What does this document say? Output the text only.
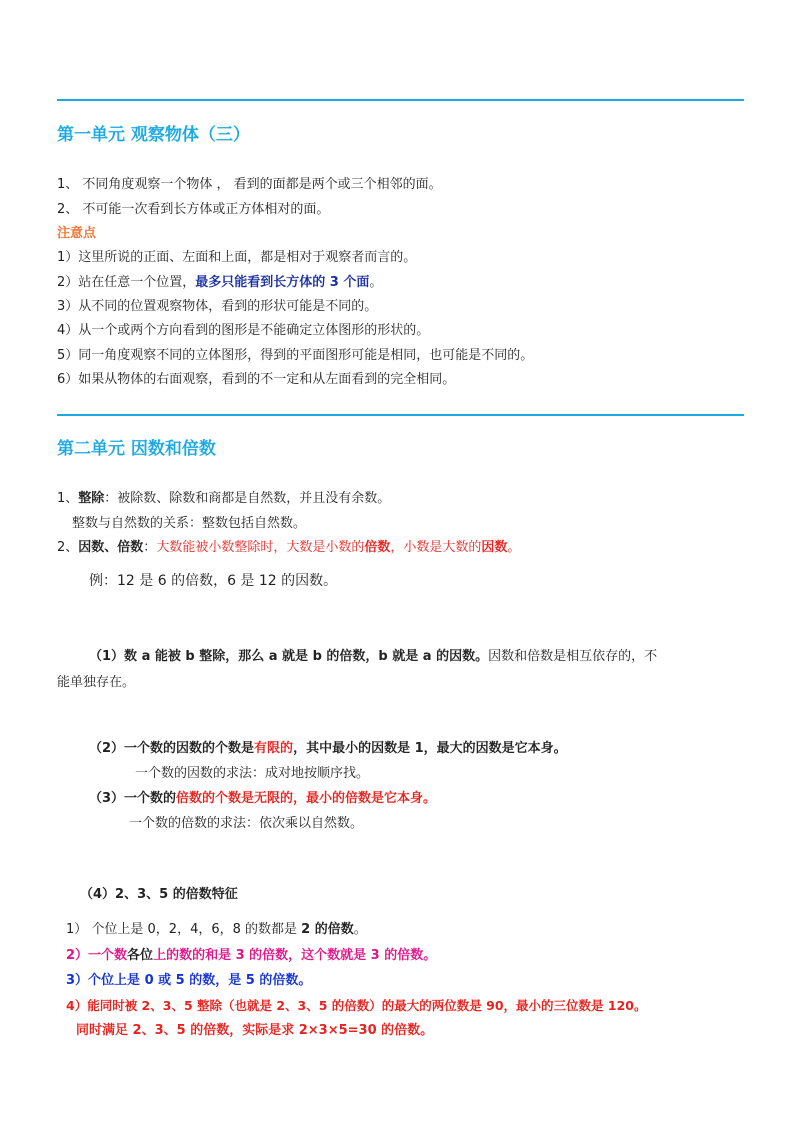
第一单元 观察物体（三）
1、 不同角度观察一个物体 ， 看到的面都是两个或三个相邻的面。
2、 不可能一次看到长方体或正方体相对的面。
注意点
1）这里所说的正面、左面和上面，都是相对于观察者而言的。
2）站在任意一个位置，最多只能看到长方体的 3 个面。
3）从不同的位置观察物体，看到的形状可能是不同的。
4）从一个或两个方向看到的图形是不能确定立体图形的形状的。
5）同一角度观察不同的立体图形，得到的平面图形可能是相同，也可能是不同的。
6）如果从物体的右面观察，看到的不一定和从左面看到的完全相同。
第二单元 因数和倍数
1、整除：被除数、除数和商都是自然数，并且没有余数。
整数与自然数的关系：整数包括自然数。
2、因数、倍数：大数能被小数整除时，大数是小数的倍数，小数是大数的因数。
例：12 是 6 的倍数，6 是 12 的因数。
（1）数 a 能被 b 整除，那么 a 就是 b 的倍数，b 就是 a 的因数。因数和倍数是相互依存的，不
能单独存在。
（2）一个数的因数的个数是有限的，其中最小的因数是 1，最大的因数是它本身。
一个数的因数的求法：成对地按顺序找。
（3）一个数的倍数的个数是无限的，最小的倍数是它本身。
一个数的倍数的求法：依次乘以自然数。
（4）2、3、5 的倍数特征
1） 个位上是 0，2，4，6，8 的数都是 2 的倍数。
2）一个数各位上的数的和是 3 的倍数，这个数就是 3 的倍数。
3）个位上是 0 或 5 的数，是 5 的倍数。
4）能同时被 2、3、5 整除（也就是 2、3、5 的倍数）的最大的两位数是 90，最小的三位数是 120。
同时满足 2、3、5 的倍数，实际是求 2×3×5=30 的倍数。
